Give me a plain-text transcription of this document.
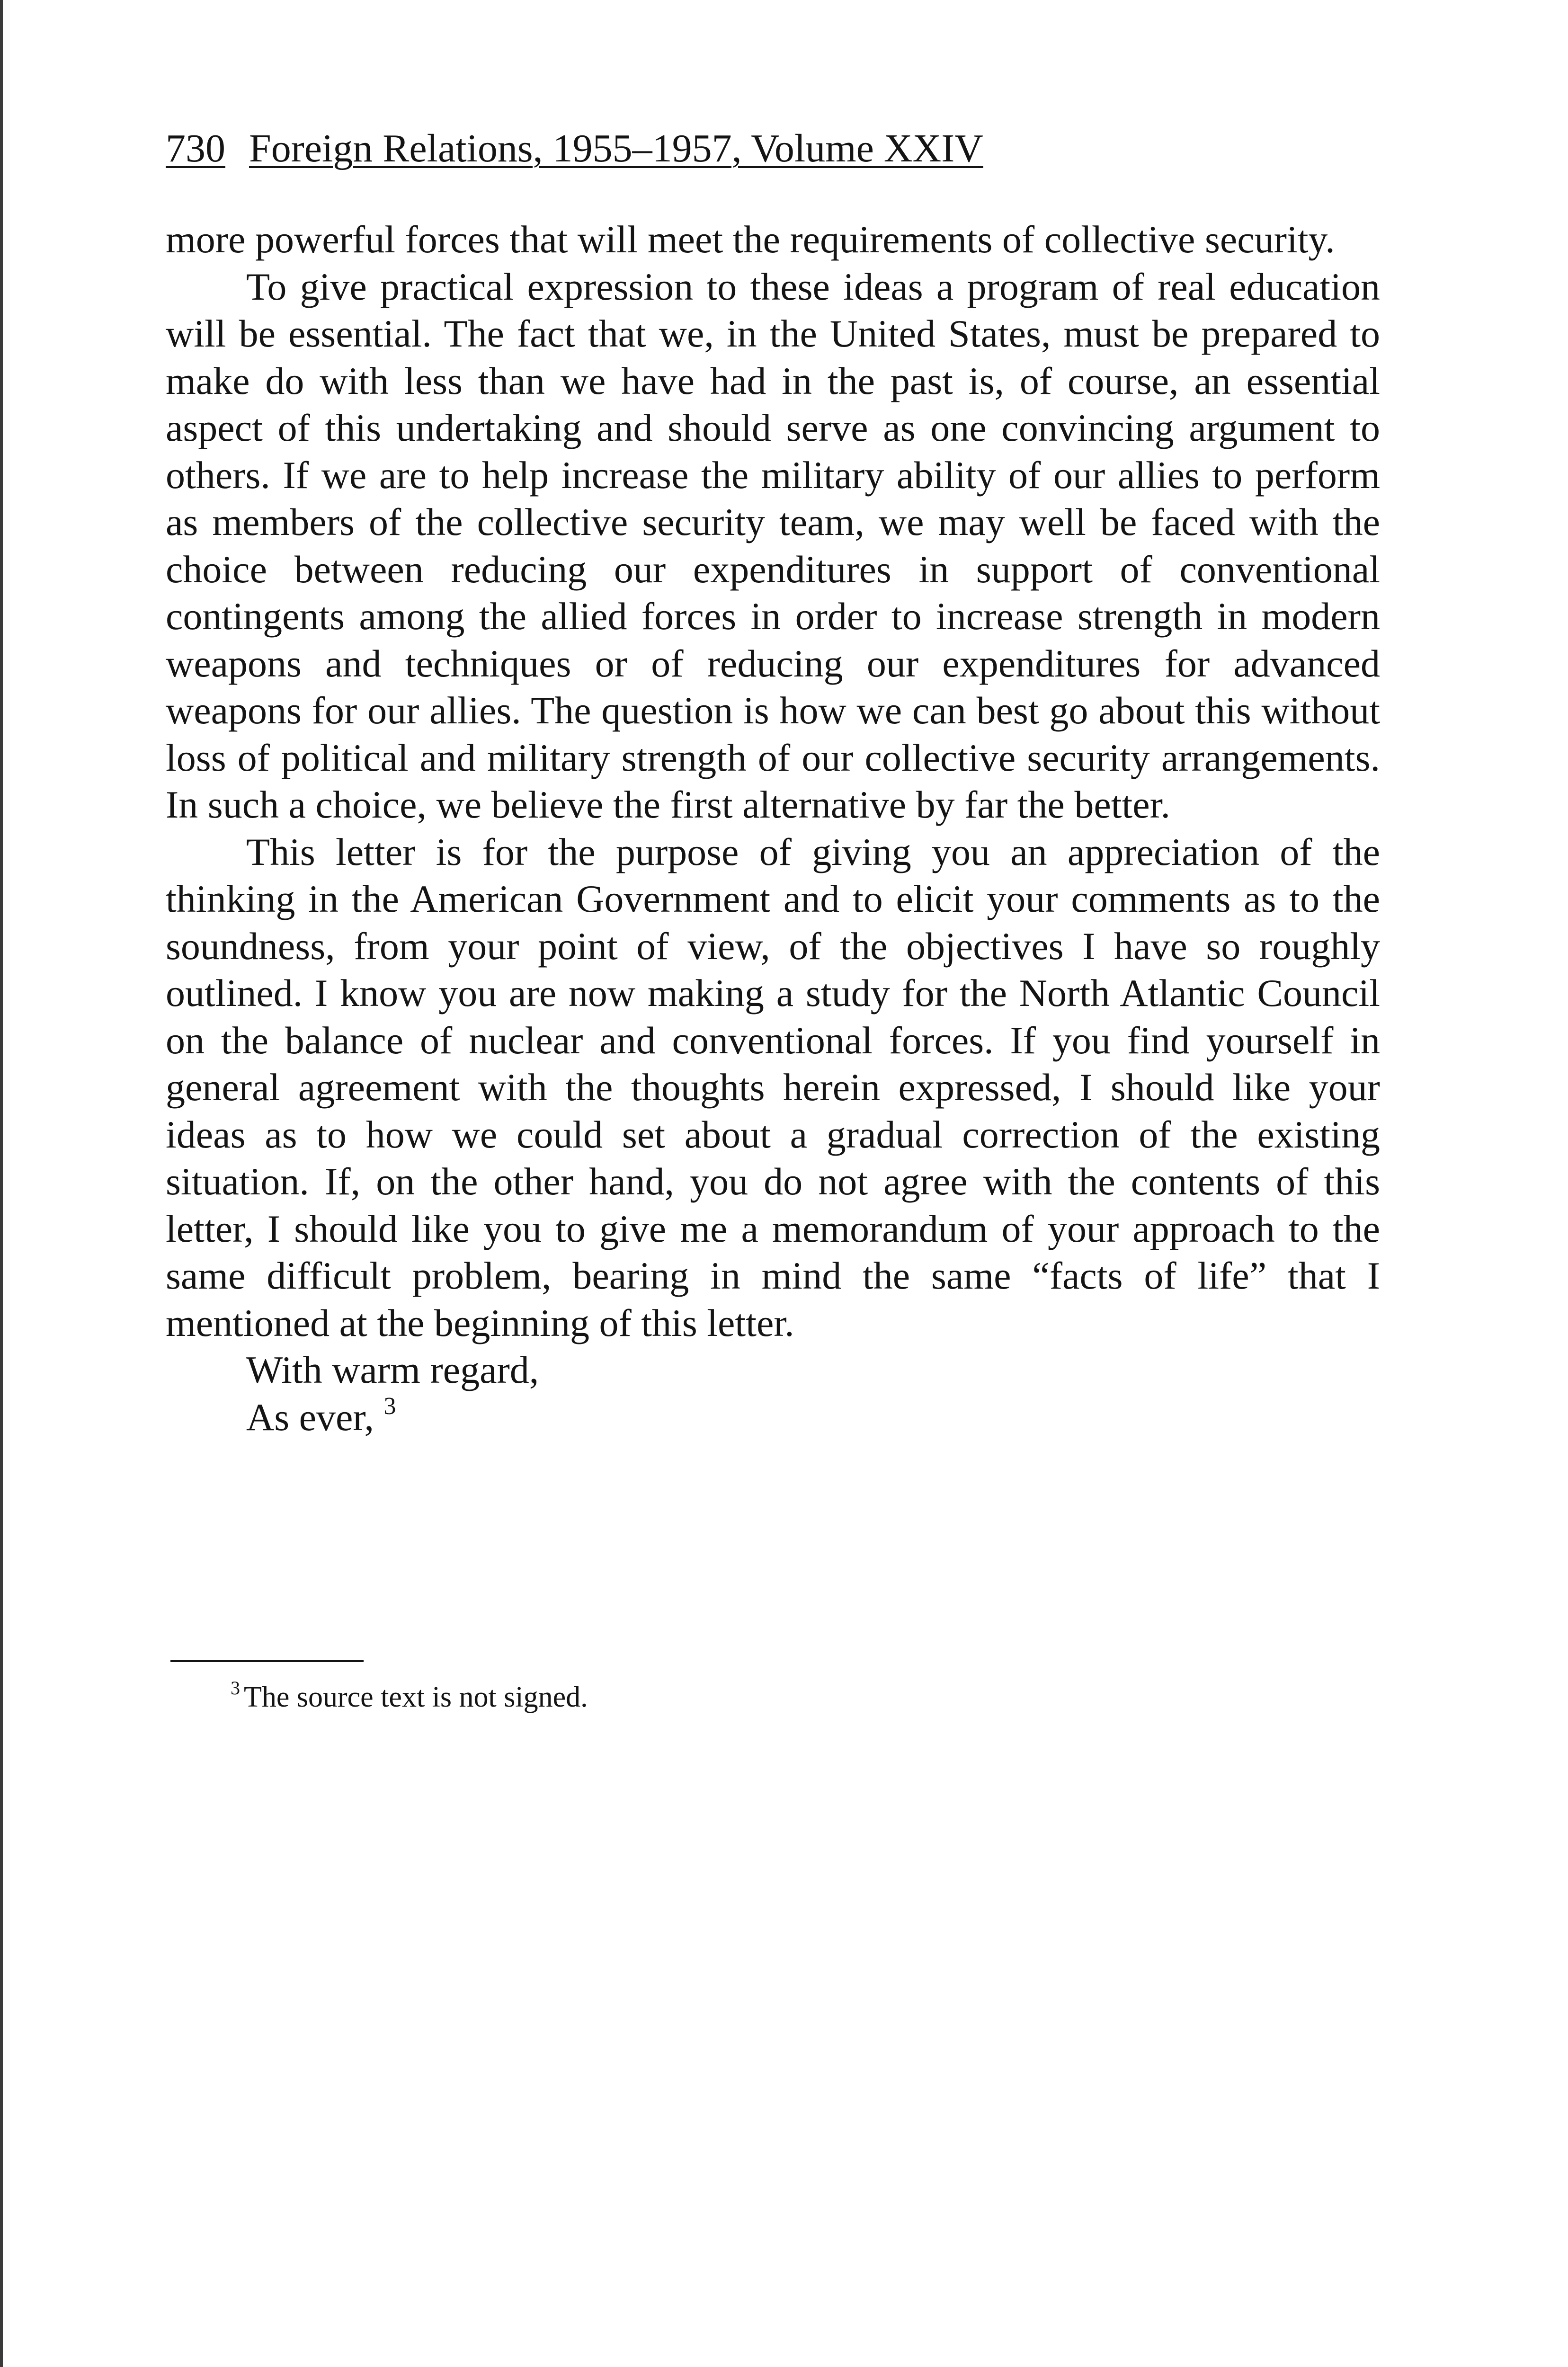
730 Foreign Relations, 1955–1957, Volume XXIV

more powerful forces that will meet the requirements of collective security.

To give practical expression to these ideas a program of real education will be essential. The fact that we, in the United States, must be prepared to make do with less than we have had in the past is, of course, an essential aspect of this undertaking and should serve as one convincing argument to others. If we are to help increase the military ability of our allies to perform as members of the collective security team, we may well be faced with the choice between reducing our expenditures in support of conventional contingents among the allied forces in order to increase strength in modern weapons and techniques or of reducing our expenditures for advanced weapons for our allies. The question is how we can best go about this without loss of political and military strength of our collective security arrangements. In such a choice, we believe the first alternative by far the better.

This letter is for the purpose of giving you an appreciation of the thinking in the American Government and to elicit your comments as to the soundness, from your point of view, of the objectives I have so roughly outlined. I know you are now making a study for the North Atlantic Council on the balance of nuclear and conventional forces. If you find yourself in general agreement with the thoughts herein expressed, I should like your ideas as to how we could set about a gradual correction of the existing situation. If, on the other hand, you do not agree with the contents of this letter, I should like you to give me a memorandum of your approach to the same difficult problem, bearing in mind the same “facts of life” that I mentioned at the beginning of this letter.

With warm regard,

As ever, $^3$

$^3$ The source text is not signed.
